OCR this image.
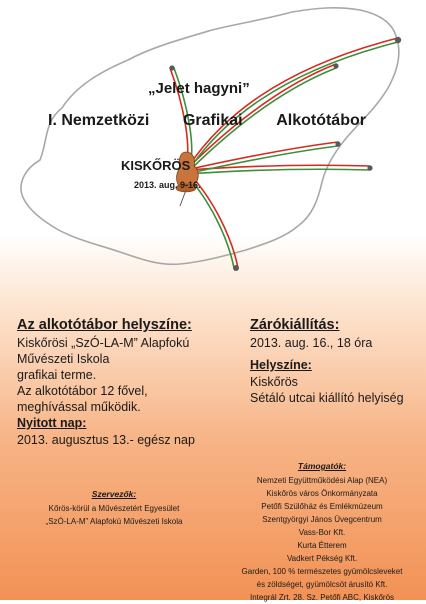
„Jelet hagyni”
I. Nemzetközi Grafikai Alkotótábor
KISKŐRÖS
2013. aug. 9-16.
Az alkotótábor helyszíne:
Kiskőrösi „SzÓ-LA-M” Alapfokú
Művészeti Iskola
grafikai terme.
Az alkotótábor 12 fővel,
meghívással működik.
Nyitott nap:
2013. augusztus 13.- egész nap
Zárókiállítás:
2013. aug. 16., 18 óra
Helyszíne:
Kiskőrös
Sétáló utcai kiállító helyiség
Szervezők:
Kőrös-körül a Művészetért Egyesület
„SzÓ-LA-M” Alapfokú Művészeti Iskola
Támogatók:
Nemzeti Együttműködési Alap (NEA)
Kiskőrös város Önkormányzata
Petőfi Szülőház és Emlékmúzeum
Szentgyörgyi János Üvegcentrum
Vass-Bor Kft.
Kurta Étterem
Vadkert Pékség Kft.
Garden, 100 % természetes gyümölcsleveket
és zöldséget, gyümölcsöt árusító Kft.
Integrál Zrt. 28. Sz. Petőfi ABC, Kiskőrös
